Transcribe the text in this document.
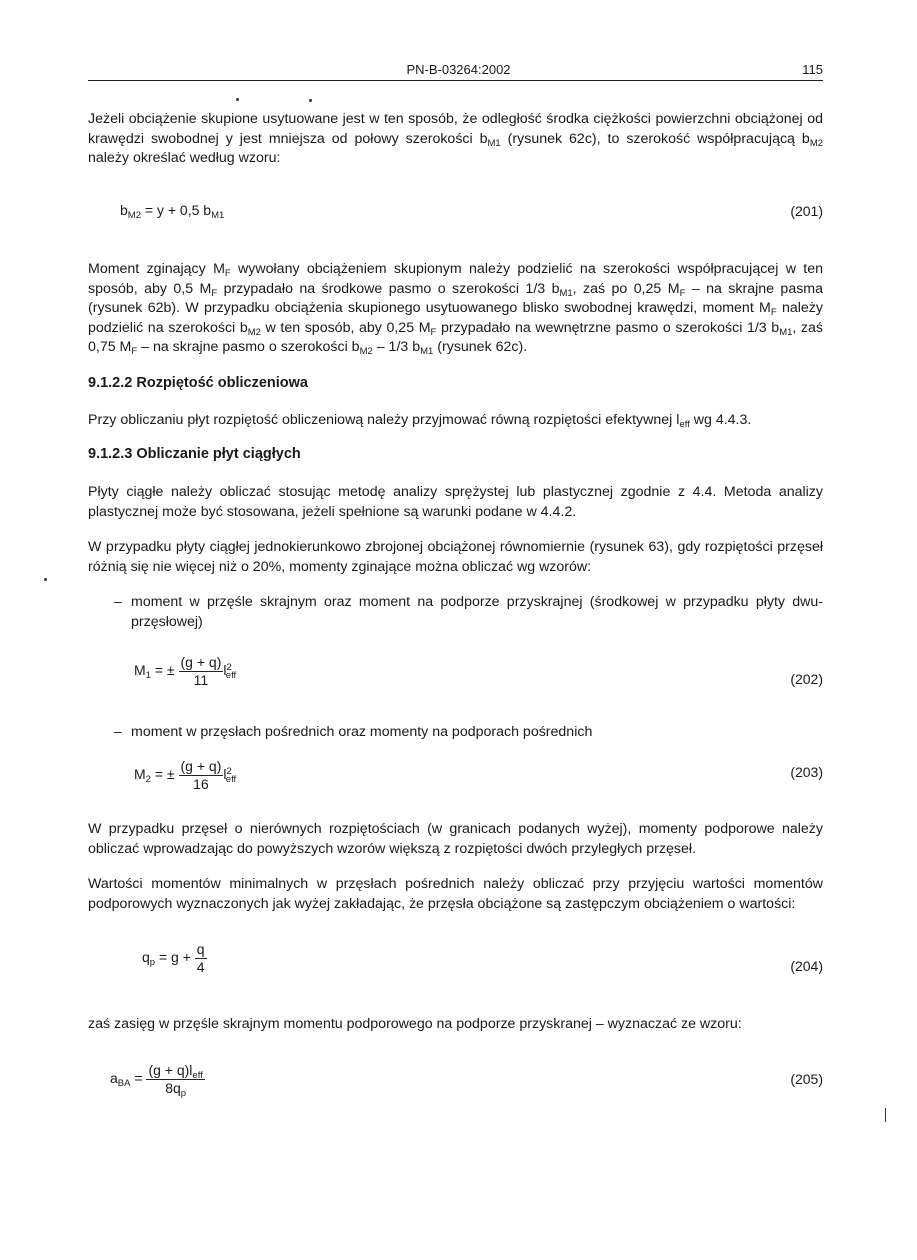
PN-B-03264:2002	115
Jeżeli obciążenie skupione usytuowane jest w ten sposób, że odległość środka ciężkości powierzchni obciążonej od krawędzi swobodnej y jest mniejsza od połowy szerokości $b_{M1}$ (rysunek 62c), to szerokość współpracującą $b_{M2}$ należy określać według wzoru:
$b_{M2} = y + 0,5$ $b_{M1}$	(201)
Moment zginający $M_F$ wywołany obciążeniem skupionym należy podzielić na szerokości współpracującej w ten sposób, aby 0,5 $M_F$ przypadało na środkowe pasmo o szerokości 1/3 $b_{M1}$, zaś po 0,25 $M_F$ – na skrajne pasma (rysunek 62b). W przypadku obciążenia skupionego usytuowanego blisko swobodnej krawędzi, moment $M_F$ należy podzielić na szerokości $b_{M2}$ w ten sposób, aby 0,25 $M_F$ przypadało na wewnętrzne pasmo o szerokości 1/3 $b_{M1}$, zaś 0,75 $M_F$ – na skrajne pasmo o szerokości $b_{M2} - 1/3$ $b_{M1}$ (rysunek 62c).
9.1.2.2 Rozpiętość obliczeniowa
Przy obliczaniu płyt rozpiętość obliczeniową należy przyjmować równą rozpiętości efektywnej $l_{eff}$ wg 4.4.3.
9.1.2.3 Obliczanie płyt ciągłych
Płyty ciągłe należy obliczać stosując metodę analizy sprężystej lub plastycznej zgodnie z 4.4. Metoda analizy plastycznej może być stosowana, jeżeli spełnione są warunki podane w 4.4.2.
W przypadku płyty ciągłej jednokierunkowo zbrojonej obciążonej równomiernie (rysunek 63), gdy rozpiętości przęseł różnią się nie więcej niż o 20%, momenty zginające można obliczać wg wzorów:
– moment w przęśle skrajnym oraz moment na podporze przyskrajnej (środkowej w przypadku płyty dwu-przęsłowej)
$M_1$ = ± $\frac{(g + q)}{11} l^2_{eff}$	(202)
– moment w przęsłach pośrednich oraz momenty na podporach pośrednich
$M_2$ = ± $\frac{(g + q)}{16} l^2_{eff}$	(203)
W przypadku przęseł o nierównych rozpiętościach (w granicach podanych wyżej), momenty podporowe należy obliczać wprowadzając do powyższych wzorów większą z rozpiętości dwóch przyległych przęseł.
Wartości momentów minimalnych w przęsłach pośrednich należy obliczać przy przyjęciu wartości momentów podporowych wyznaczonych jak wyżej zakładając, że przęsła obciążone są zastępczym obciążeniem o wartości:
$q_p = g + \frac{q}{4}$	(204)
zaś zasięg w przęśle skrajnym momentu podporowego na podporze przyskranej – wyznaczać ze wzoru:
$a_{BA} = \frac{(g + q)l_{eff}}{8q_p}$	(205)
